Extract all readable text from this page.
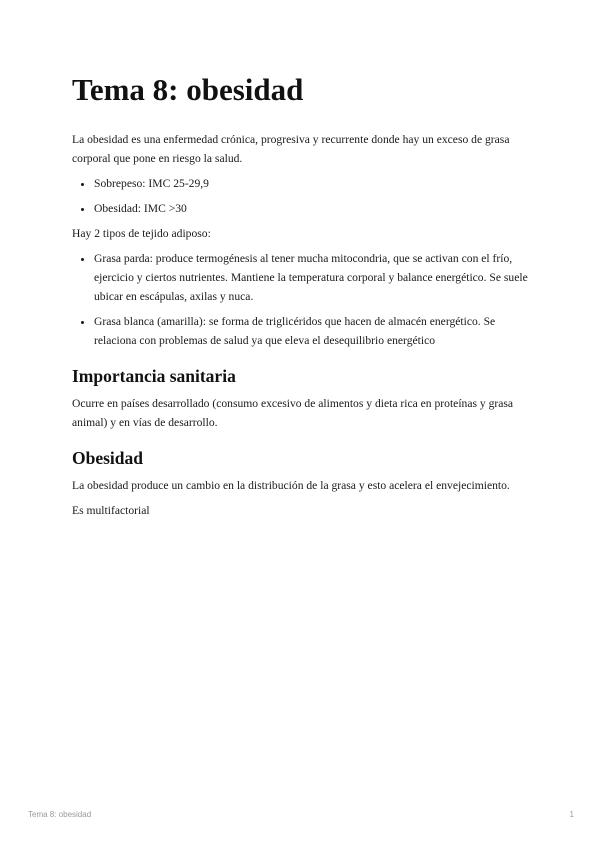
Tema 8: obesidad

La obesidad es una enfermedad crónica, progresiva y recurrente donde hay un exceso de grasa corporal que pone en riesgo la salud.

• Sobrepeso: IMC 25-29,9
• Obesidad: IMC >30

Hay 2 tipos de tejido adiposo:

• Grasa parda: produce termogénesis al tener mucha mitocondria, que se activan con el frío, ejercicio y ciertos nutrientes. Mantiene la temperatura corporal y balance energético. Se suele ubicar en escápulas, axilas y nuca.
• Grasa blanca (amarilla): se forma de triglicéridos que hacen de almacén energético. Se relaciona con problemas de salud ya que eleva el desequilibrio energético
Importancia sanitaria

Ocurre en países desarrollado (consumo excesivo de alimentos y dieta rica en proteínas y grasa animal) y en vías de desarrollo.

Obesidad

La obesidad produce un cambio en la distribución de la grasa y esto acelera el envejecimiento.

Es multifactorial

Tema 8: obesidad	1
